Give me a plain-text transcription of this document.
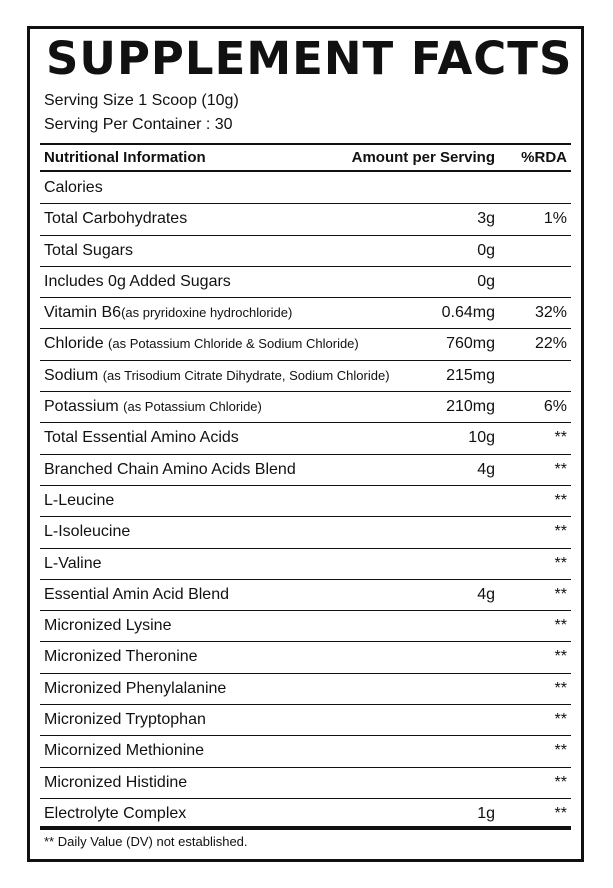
SUPPLEMENT FACTS
Serving Size 1 Scoop (10g)
Serving Per Container : 30
Nutritional Information	Amount per Serving %RDA
Calories
Total Carbohydrates	3g	1%
Total Sugars	0g
Includes 0g Added Sugars	0g
Vitamin B6(as pryridoxine hydrochloride)	0.64mg 32%
Chloride (as Potassium Chloride & Sodium Chloride)	760mg 22%
Sodium (as Trisodium Citrate Dihydrate, Sodium Chloride)	215mg
Potassium (as Potassium Chloride)	210mg	6%
Total Essential Amino Acids	10g	**
Branched Chain Amino Acids Blend	4g	**
L-Leucine	**
L-Isoleucine	**
L-Valine	**
Essential Amin Acid Blend	4g	**
Micronized Lysine	**
Micronized Theronine	**
Micronized Phenylalanine	**
Micronized Tryptophan	**
Micornized Methionine	**
Micronized Histidine	**
Electrolyte Complex	1g	**
** Daily Value (DV) not established.
